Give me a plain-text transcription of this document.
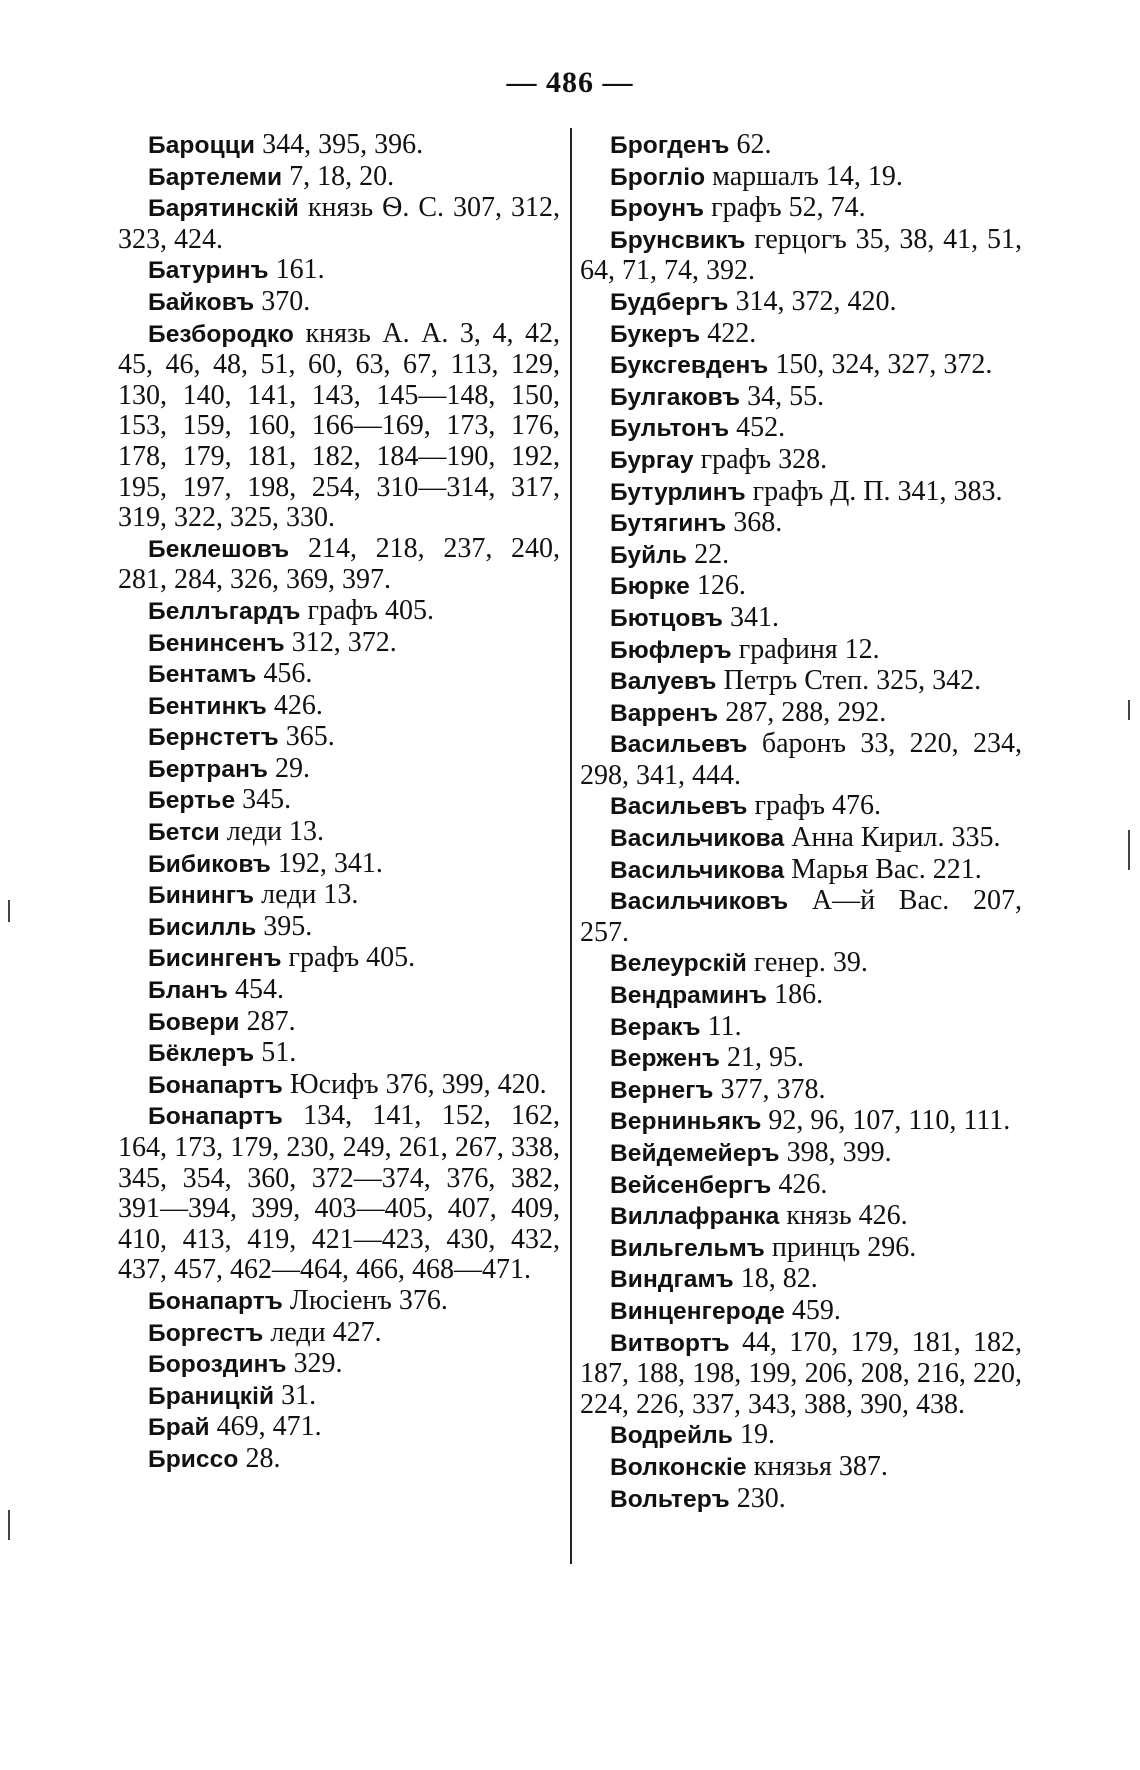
— 486 —

Бароцци 344, 395, 396.

Бартелеми 7, 18, 20.

Барятинскій князь Ѳ. С. 307, 312, 323, 424.

Батуринъ 161.

Байковъ 370.

Безбородко князь А. А. 3, 4, 42, 45, 46, 48, 51, 60, 63, 67, 113, 129, 130, 140, 141, 143, 145—148, 150, 153, 159, 160, 166—169, 173, 176, 178, 179, 181, 182, 184—190, 192, 195, 197, 198, 254, 310—314, 317, 319, 322, 325, 330.

Беклешовъ 214, 218, 237, 240, 281, 284, 326, 369, 397.

Беллъгардъ графъ 405.

Бенинсенъ 312, 372.

Бентамъ 456.

Бентинкъ 426.

Бернстетъ 365.

Бертранъ 29.

Бертье 345.

Бетси леди 13.

Бибиковъ 192, 341.

Бинингъ леди 13.

Бисилль 395.

Бисингенъ графъ 405.

Бланъ 454.

Бовери 287.

Бёклеръ 51.

Бонапартъ Юсифъ 376, 399, 420.

Бонапартъ 134, 141, 152, 162, 164, 173, 179, 230, 249, 261, 267, 338, 345, 354, 360, 372—374, 376, 382, 391—394, 399, 403—405, 407, 409, 410, 413, 419, 421—423, 430, 432, 437, 457, 462—464, 466, 468—471.

Бонапартъ Люсіенъ 376.

Боргестъ леди 427.

Бороздинъ 329.

Браницкій 31.

Брай 469, 471.

Бриссо 28.

Брогденъ 62.

Брогліо маршалъ 14, 19.

Броунъ графъ 52, 74.

Брунсвикъ герцогъ 35, 38, 41, 51, 64, 71, 74, 392.

Будбергъ 314, 372, 420.

Букеръ 422.

Буксгевденъ 150, 324, 327, 372.

Булгаковъ 34, 55.

Бультонъ 452.

Бургау графъ 328.

Бутурлинъ графъ Д. П. 341, 383.

Бутягинъ 368.

Буйль 22.

Бюрке 126.

Бютцовъ 341.

Бюфлеръ графиня 12.

Валуевъ Петръ Степ. 325, 342.

Варренъ 287, 288, 292.

Васильевъ баронъ 33, 220, 234, 298, 341, 444.

Васильевъ графъ 476.

Васильчикова Анна Кирил. 335.

Васильчикова Марья Вас. 221.

Васильчиковъ А—й Вас. 207, 257.

Велеурскій генер. 39.

Вендраминъ 186.

Веракъ 11.

Верженъ 21, 95.

Вернегъ 377, 378.

Верниньякъ 92, 96, 107, 110, 111.

Вейдемейеръ 398, 399.

Вейсенбергъ 426.

Виллафранка князь 426.

Вильгельмъ принцъ 296.

Виндгамъ 18, 82.

Винценгероде 459.

Витвортъ 44, 170, 179, 181, 182, 187, 188, 198, 199, 206, 208, 216, 220, 224, 226, 337, 343, 388, 390, 438.

Водрейль 19.

Волконскіе князья 387.

Вольтеръ 230.
